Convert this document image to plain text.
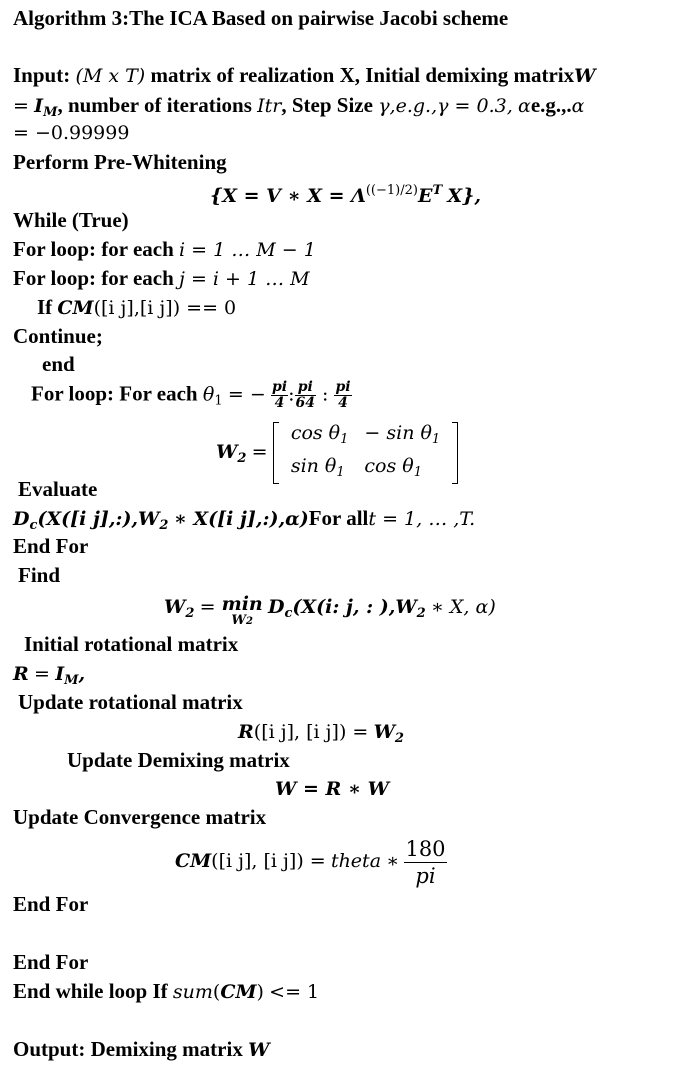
Algorithm 3:The ICA Based on pairwise Jacobi scheme
Input: (M x T) matrix of realization X, Initial demixing matrixW
= $I_M$, number of iterations Itr, Step Size γ,e.g.,γ = 0.3, αe.g.,.α
= −0.99999
Perform Pre-Whitening
{X = V ∗ $X = \Lambda^{((-1)/2)}E^T$ X},
While (True)
For loop: for each i = 1 … M − 1
For loop: for each j = i + 1 … M
If CM([i j],[i j]) == 0
Continue;
end
For loop: For each $\theta_1$ = − $\frac{pi}{4}$ : $\frac{pi}{64}$ : $\frac{pi}{4}$
$W_2$ =
$\cos \theta_1$	− $\sin \theta_1$
$\sin \theta_1$	$\cos \theta_1$
Evaluate
$D_c(X([i$ $j],:),W_2$ ∗ X([i j],:),α)For allt = 1, … ,T.
End For
Find
$W_2 = \min$
W2
$D_c(X(i$: j, : )$,W_2$ ∗ X, α)
Initial rotational matrix
$R = I_M$,
Update rotational matrix
R([i j], [i $j]) = W_2$
Update Demixing matrix
W = R ∗ W
Update Convergence matrix
CM([i j], [i j]) = theta ∗ $\frac{180}{pi}$
End For
End For
End while loop If sum(CM) <= 1
Output: Demixing matrix W
